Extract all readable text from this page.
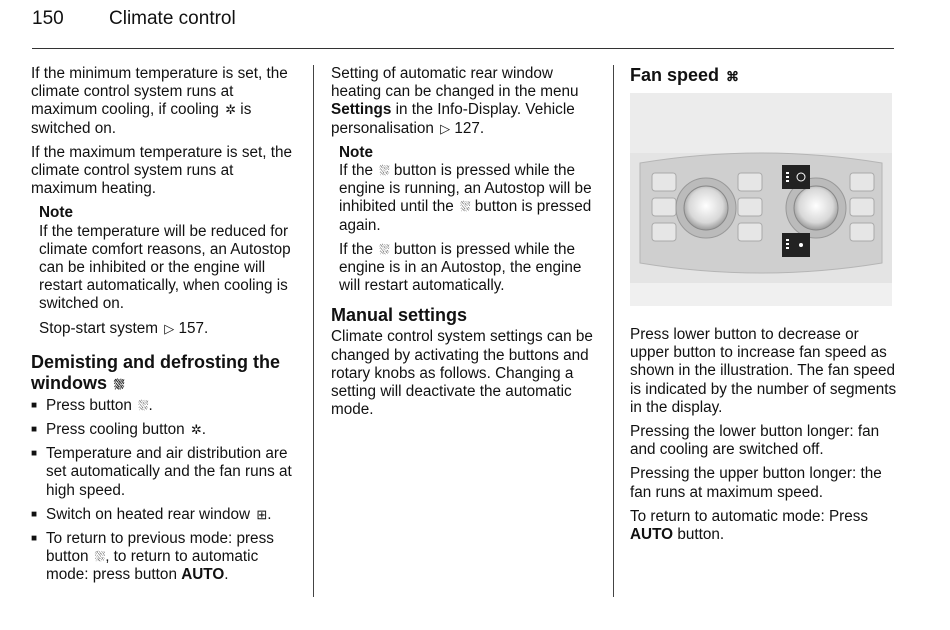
150	Climate control

If the minimum temperature is set, the climate control system runs at maximum cooling, if cooling ✲ is switched on.

If the maximum temperature is set, the climate control system runs at maximum heating.

Note

If the temperature will be reduced for climate comfort reasons, an Autostop can be inhibited or the engine will restart automatically, when cooling is switched on.

Stop-start system ▷ 157.

Demisting and defrosting the windows ⛆
■ Press button ⛆.
■ Press cooling button ✲.
■ Temperature and air distribution are set automatically and the fan runs at high speed.
■ Switch on heated rear window ⊞.
■ To return to previous mode: press button ⛆, to return to automatic mode: press button AUTO.

Setting of automatic rear window heating can be changed in the menu Settings in the Info-Display. Vehicle personalisation ▷ 127.

Note

If the ⛆ button is pressed while the engine is running, an Autostop will be inhibited until the ⛆ button is pressed again.

If the ⛆ button is pressed while the engine is in an Autostop, the engine will restart automatically.

Manual settings

Climate control system settings can be changed by activating the buttons and rotary knobs as follows. Changing a setting will deactivate the automatic mode.

Fan speed ⌘

Press lower button to decrease or upper button to increase fan speed as shown in the illustration. The fan speed is indicated by the number of segments in the display.

Pressing the lower button longer: fan and cooling are switched off.

Pressing the upper button longer: the fan runs at maximum speed.

To return to automatic mode: Press AUTO button.
